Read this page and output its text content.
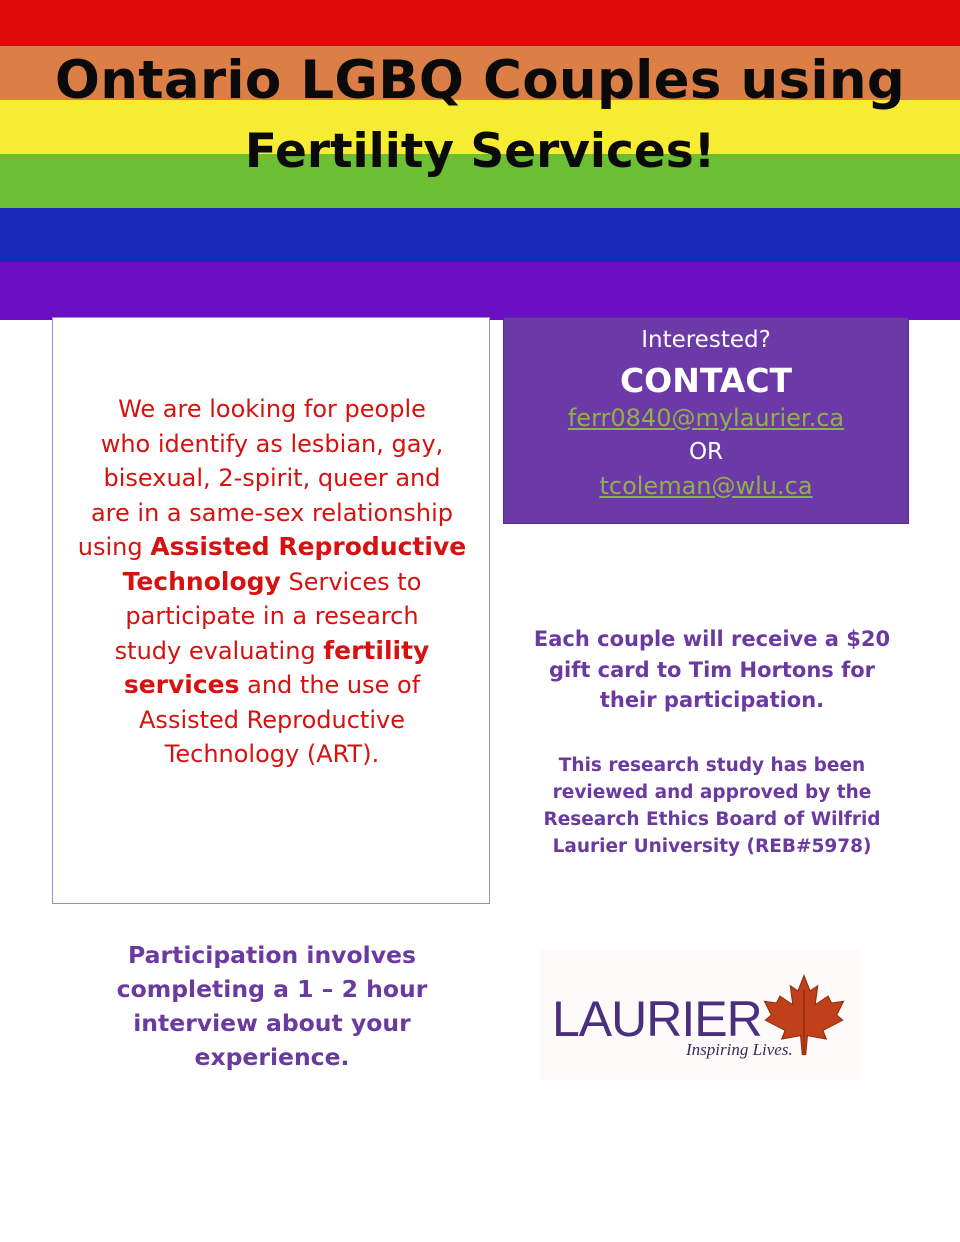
Ontario LGBQ Couples using
Fertility Services!
We are looking for people
who identify as lesbian, gay,
bisexual, 2-spirit, queer and
are in a same-sex relationship
using Assisted Reproductive
Technology Services to
participate in a research
study evaluating fertility
services and the use of
Assisted Reproductive
Technology (ART).
Interested?
CONTACT
ferr0840@mylaurier.ca
OR
tcoleman@wlu.ca
Each couple will receive a $20
gift card to Tim Hortons for
their participation.
This research study has been
reviewed and approved by the
Research Ethics Board of Wilfrid
Laurier University (REB#5978)
Participation involves
completing a 1 – 2 hour
interview about your
experience.
LAURIER
Inspiring Lives.
